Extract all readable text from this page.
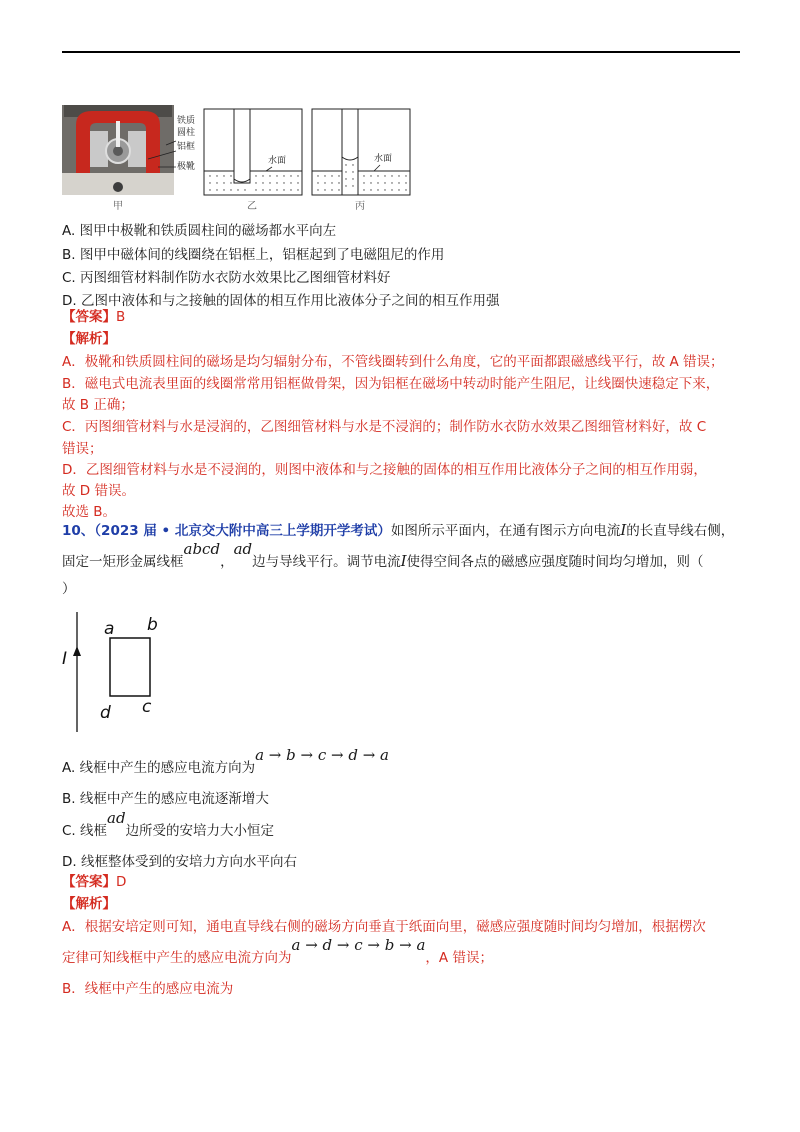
甲
铁质
圆柱
铝框
极靴
水面
乙
水面
丙
A. 图甲中极靴和铁质圆柱间的磁场都水平向左
B. 图甲中磁体间的线圈绕在铝框上，铝框起到了电磁阻尼的作用
C. 丙图细管材料制作防水衣防水效果比乙图细管材料好
D. 乙图中液体和与之接触的固体的相互作用比液体分子之间的相互作用强
【答案】B
【解析】
A．极靴和铁质圆柱间的磁场是均匀辐射分布，不管线圈转到什么角度，它的平面都跟磁感线平行，故 A 错误；
B．磁电式电流表里面的线圈常常用铝框做骨架，因为铝框在磁场中转动时能产生阻尼，让线圈快速稳定下来，
故 B 正确；
C．丙图细管材料与水是浸润的，乙图细管材料与水是不浸润的；制作防水衣防水效果乙图细管材料好，故 C
错误；
D．乙图细管材料与水是不浸润的，则图中液体和与之接触的固体的相互作用比液体分子之间的相互作用弱，
故 D 错误。
故选 B。
10、（2023 届 • 北京交大附中高三上学期开学考试）如图所示平面内，在通有图示方向电流I的长直导线右侧，
固定一矩形金属线框abcd，ad边与导线平行。调节电流I使得空间各点的磁感应强度随时间均匀增加，则（
）
I
a b
c
d
A. 线框中产生的感应电流方向为a → b → c → d → a
B. 线框中产生的感应电流逐渐增大
C. 线框ad边所受的安培力大小恒定
D. 线框整体受到的安培力方向水平向右
【答案】D
【解析】
A．根据安培定则可知，通电直导线右侧的磁场方向垂直于纸面向里，磁感应强度随时间均匀增加，根据楞次
定律可知线框中产生的感应电流方向为a → d → c → b → a，A 错误；
B．线框中产生的感应电流为
